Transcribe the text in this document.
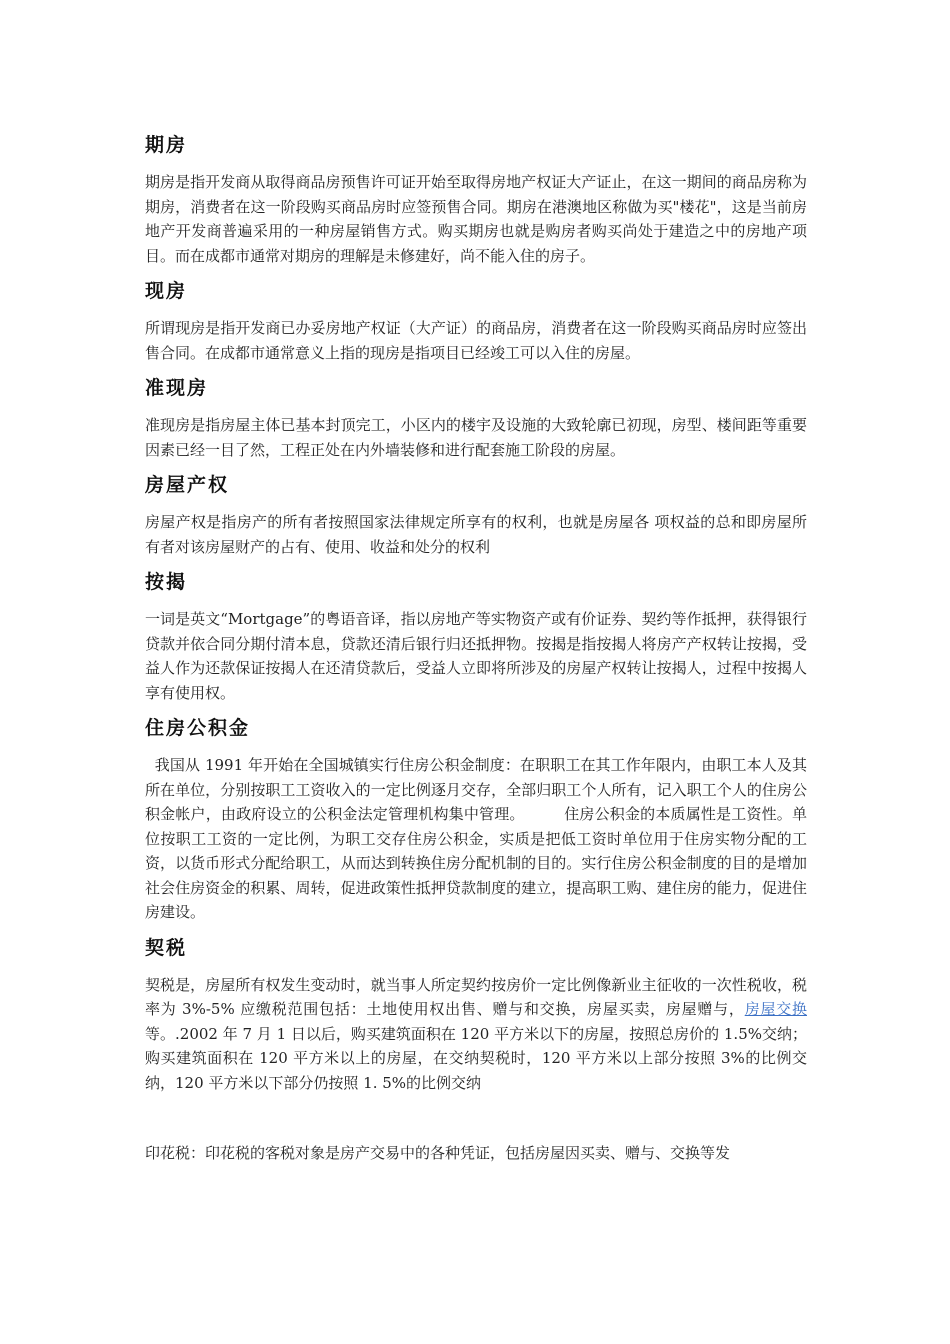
期房

期房是指开发商从取得商品房预售许可证开始至取得房地产权证大产证止，在这一期间的商品房称为期房，消费者在这一阶段购买商品房时应签预售合同。期房在港澳地区称做为买"楼花"，这是当前房地产开发商普遍采用的一种房屋销售方式。购买期房也就是购房者购买尚处于建造之中的房地产项目。而在成都市通常对期房的理解是未修建好，尚不能入住的房子。

现房

所谓现房是指开发商已办妥房地产权证（大产证）的商品房，消费者在这一阶段购买商品房时应签出售合同。在成都市通常意义上指的现房是指项目已经竣工可以入住的房屋。

准现房

准现房是指房屋主体已基本封顶完工，小区内的楼宇及设施的大致轮廓已初现，房型、楼间距等重要因素已经一目了然，工程正处在内外墙装修和进行配套施工阶段的房屋。

房屋产权

房屋产权是指房产的所有者按照国家法律规定所享有的权利，也就是房屋各 项权益的总和即房屋所有者对该房屋财产的占有、使用、收益和处分的权利

按揭

一词是英文“Mortgage”的粤语音译，指以房地产等实物资产或有价证券、契约等作抵押，获得银行贷款并依合同分期付清本息，贷款还清后银行归还抵押物。按揭是指按揭人将房产产权转让按揭，受益人作为还款保证按揭人在还清贷款后，受益人立即将所涉及的房屋产权转让按揭人，过程中按揭人享有使用权。

住房公积金

我国从 1991 年开始在全国城镇实行住房公积金制度：在职职工在其工作年限内，由职工本人及其所在单位，分别按职工工资收入的一定比例逐月交存，全部归职工个人所有，记入职工个人的住房公积金帐户，由政府设立的公积金法定管理机构集中管理。        住房公积金的本质属性是工资性。单位按职工工资的一定比例，为职工交存住房公积金，实质是把低工资时单位用于住房实物分配的工资，以货币形式分配给职工，从而达到转换住房分配机制的目的。实行住房公积金制度的目的是增加社会住房资金的积累、周转，促进政策性抵押贷款制度的建立，提高职工购、建住房的能力，促进住房建设。

契税

契税是，房屋所有权发生变动时，就当事人所定契约按房价一定比例像新业主征收的一次性税收，税率为 3%-5% 应缴税范围包括：土地使用权出售、赠与和交换，房屋买卖，房屋赠与，房屋交换等。.2002 年 7 月 1 日以后，购买建筑面积在 120 平方米以下的房屋，按照总房价的 1.5%交纳；购买建筑面积在 120 平方米以上的房屋，在交纳契税时，120 平方米以上部分按照 3%的比例交纳，120 平方米以下部分仍按照 1. 5%的比例交纳

印花税：印花税的客税对象是房产交易中的各种凭证，包括房屋因买卖、赠与、交换等发
